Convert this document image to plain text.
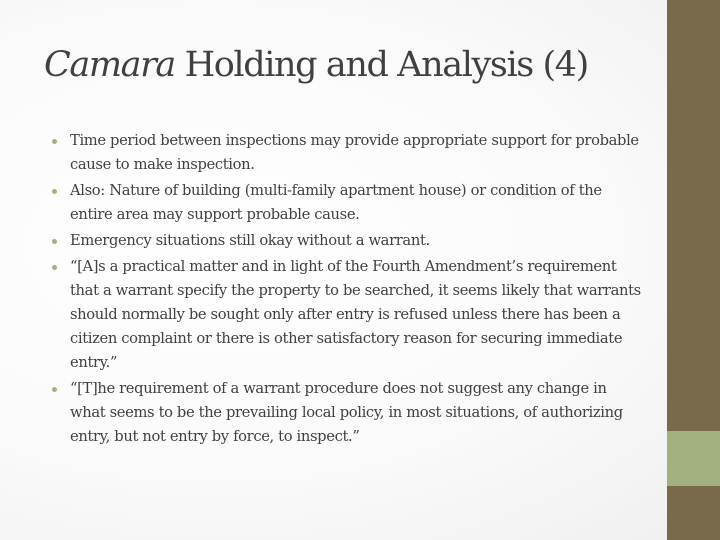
Camara Holding and Analysis (4)
Time period between inspections may provide appropriate support for probable cause to make inspection.
Also: Nature of building (multi-family apartment house) or condition of the entire area may support probable cause.
Emergency situations still okay without a warrant.
“[A]s a practical matter and in light of the Fourth Amendment’s requirement that a warrant specify the property to be searched, it seems likely that warrants should normally be sought only after entry is refused unless there has been a citizen complaint or there is other satisfactory reason for securing immediate entry.”
“[T]he requirement of a warrant procedure does not suggest any change in what seems to be the prevailing local policy, in most situations, of authorizing entry, but not entry by force, to inspect.”
